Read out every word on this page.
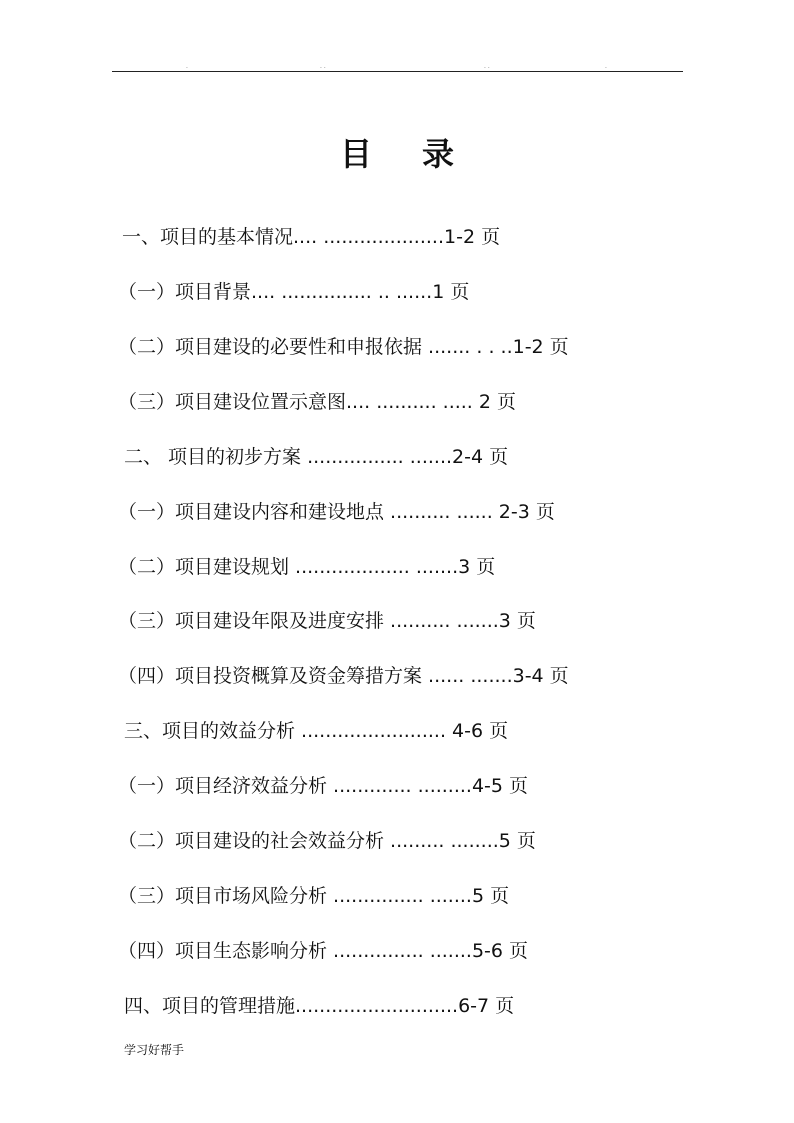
.	. .	. .	.
目录
一、项目的基本情况.... ....................1-2 页
（一）项目背景.... ............... .. ......1 页
（二）项目建设的必要性和申报依据 ....... . . ..1-2 页
（三）项目建设位置示意图.... .......... ..... 2 页
二、 项目的初步方案 ................ .......2-4 页
（一）项目建设内容和建设地点 .......... ...... 2-3 页
（二）项目建设规划 ................... .......3 页
（三）项目建设年限及进度安排 .......... .......3 页
（四）项目投资概算及资金筹措方案 ...... .......3-4 页
三、项目的效益分析 ........................ 4-6 页
（一）项目经济效益分析 ............. .........4-5 页
（二）项目建设的社会效益分析 ......... ........5 页
（三）项目市场风险分析 ............... .......5 页
（四）项目生态影响分析 ............... .......5-6 页
四、项目的管理措施...........................6-7 页
学习好帮手
